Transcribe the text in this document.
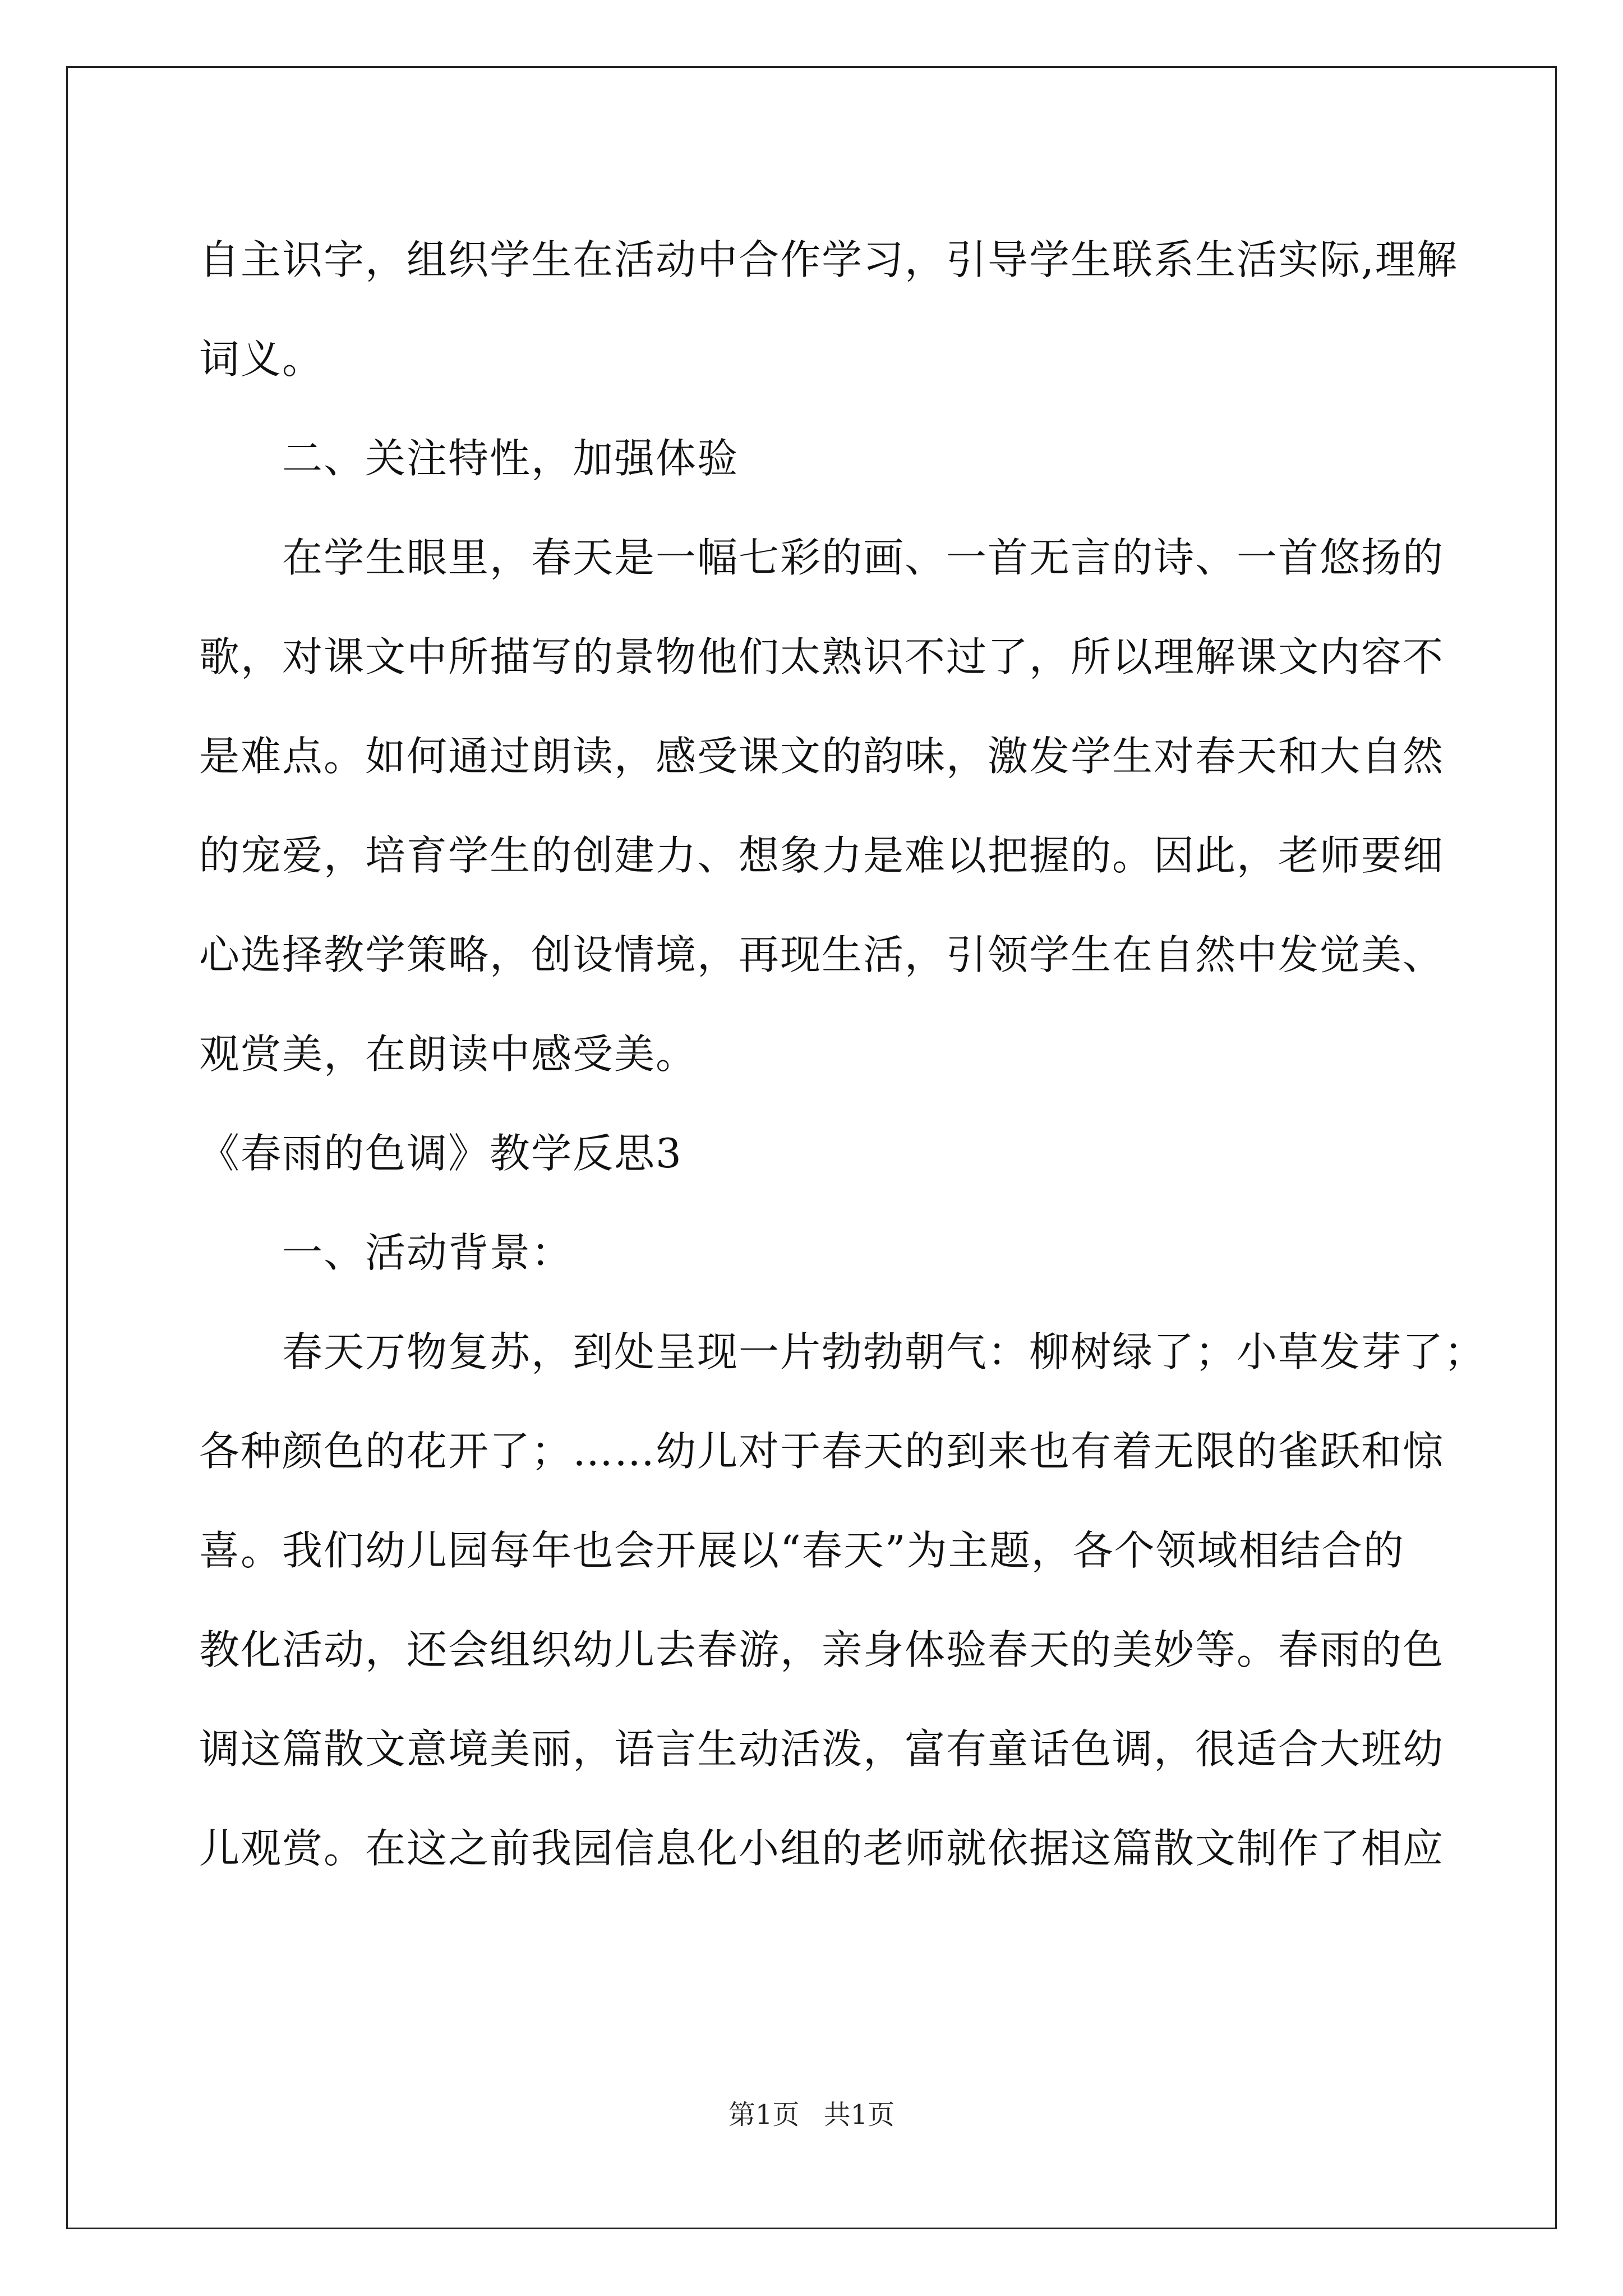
自主识字，组织学生在活动中合作学习，引导学生联系生活实际,理解
词义。
二、关注特性，加强体验
在学生眼里，春天是一幅七彩的画、一首无言的诗、一首悠扬的
歌，对课文中所描写的景物他们太熟识不过了，所以理解课文内容不
是难点。如何通过朗读，感受课文的韵味，激发学生对春天和大自然
的宠爱，培育学生的创建力、想象力是难以把握的。因此，老师要细
心选择教学策略，创设情境，再现生活，引领学生在自然中发觉美、
观赏美，在朗读中感受美。
《春雨的色调》教学反思3
一、活动背景：
春天万物复苏，到处呈现一片勃勃朝气：柳树绿了；小草发芽了；
各种颜色的花开了；……幼儿对于春天的到来也有着无限的雀跃和惊
喜。我们幼儿园每年也会开展以“春天”为主题，各个领域相结合的
教化活动，还会组织幼儿去春游，亲身体验春天的美妙等。春雨的色
调这篇散文意境美丽，语言生动活泼，富有童话色调，很适合大班幼
儿观赏。在这之前我园信息化小组的老师就依据这篇散文制作了相应
第1页 共1页
